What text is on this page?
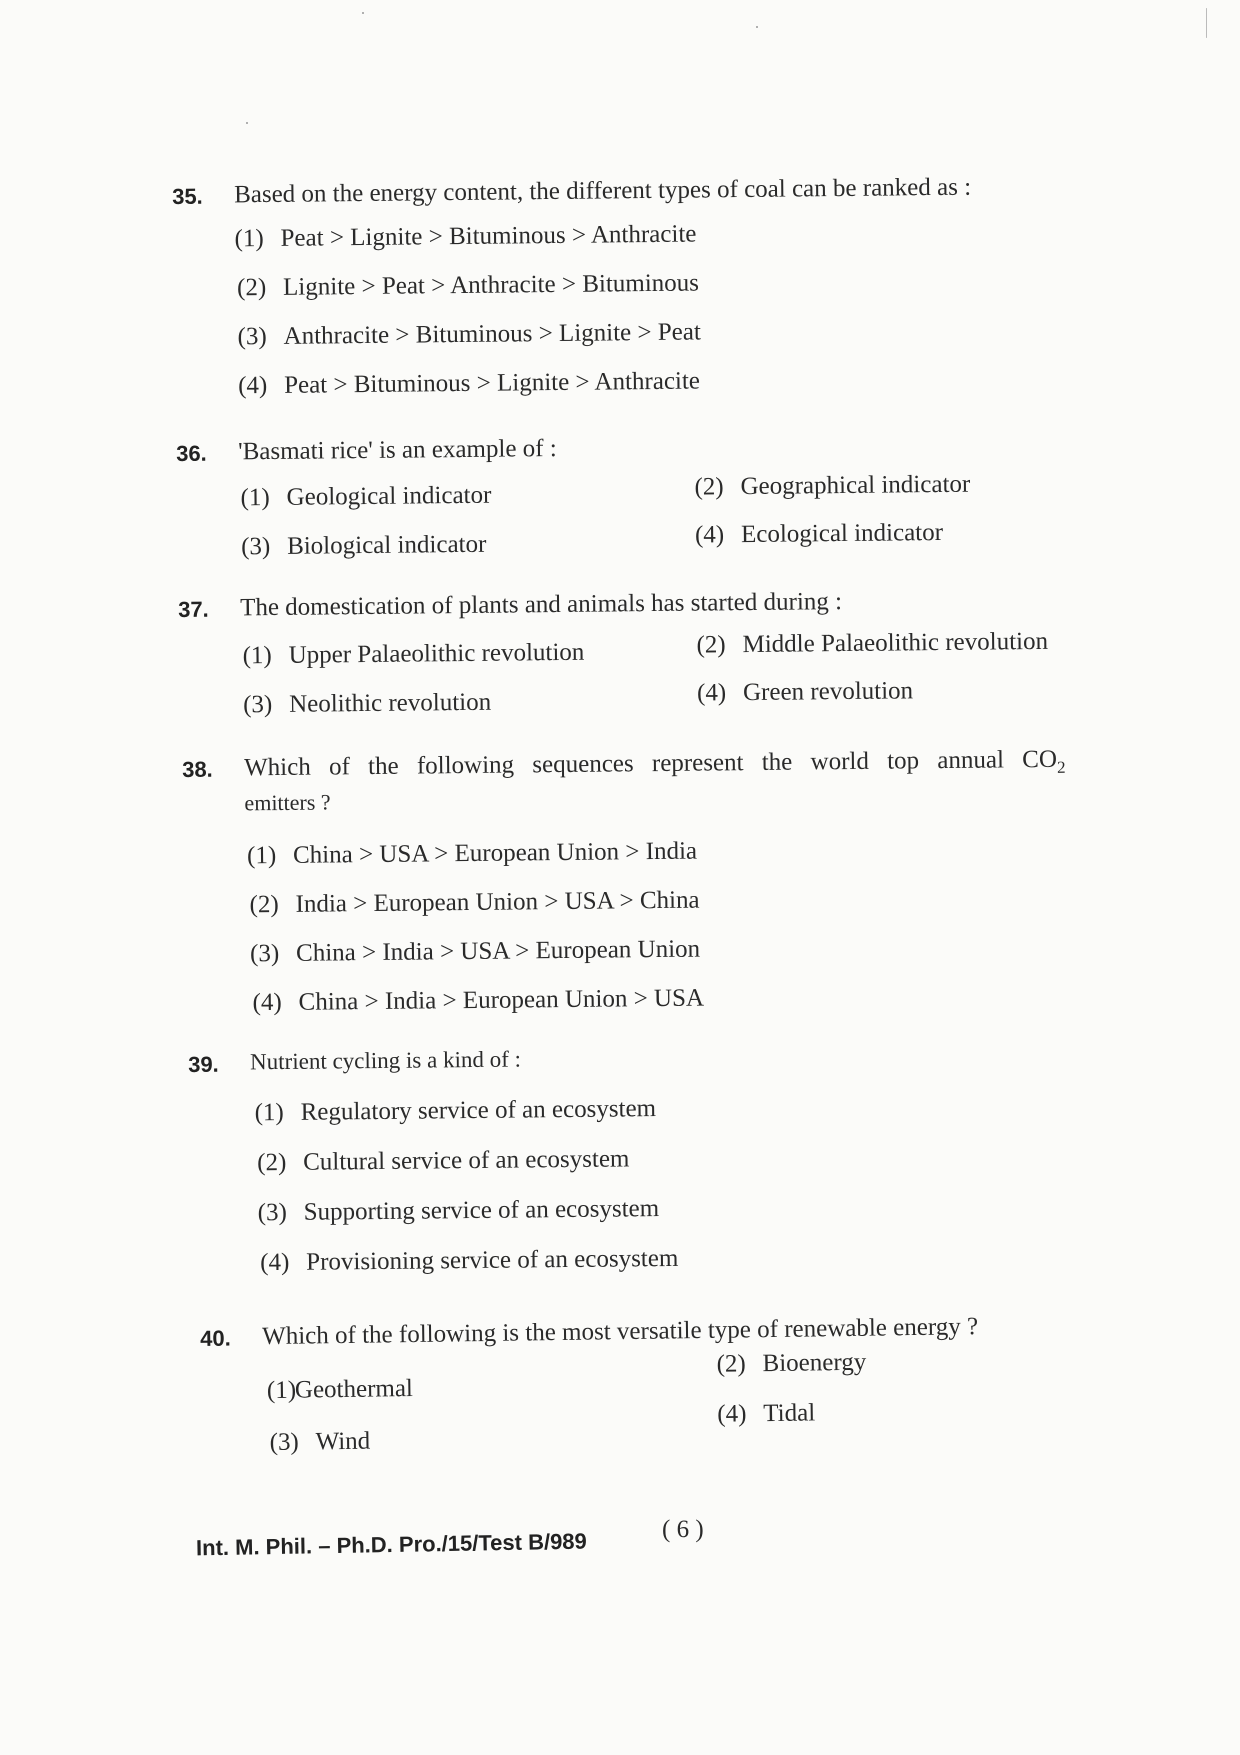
35. Based on the energy content, the different types of coal can be ranked as :
(1) Peat > Lignite > Bituminous > Anthracite
(2) Lignite > Peat > Anthracite > Bituminous
(3) Anthracite > Bituminous > Lignite > Peat
(4) Peat > Bituminous > Lignite > Anthracite
36. 'Basmati rice' is an example of :
(1) Geological indicator	(2) Geographical indicator
(3) Biological indicator	(4) Ecological indicator
37. The domestication of plants and animals has started during :
(1) Upper Palaeolithic revolution	(2) Middle Palaeolithic revolution
(3) Neolithic revolution	(4) Green revolution
38. Which of the following sequences represent the world top annual $CO_2$
emitters ?
(1) China > USA > European Union > India
(2) India > European Union > USA > China
(3) China > India > USA > European Union
(4) China > India > European Union > USA
39. Nutrient cycling is a kind of :
(1) Regulatory service of an ecosystem
(2) Cultural service of an ecosystem
(3) Supporting service of an ecosystem
(4) Provisioning service of an ecosystem
40. Which of the following is the most versatile type of renewable energy ?
(1)Geothermal
(2) Bioenergy
(3) Wind
(4) Tidal
Int. M. Phil. – Ph.D. Pro./15/Test B/989	( 6 )
